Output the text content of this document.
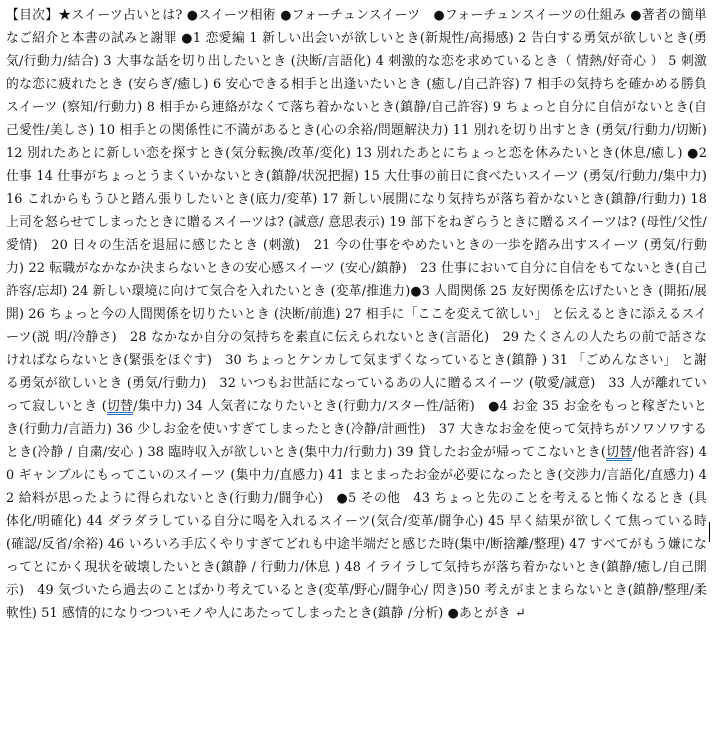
【目次】★スイーツ占いとは? ●スイーツ相術 ●フォーチュンスイーツ　●フォーチュンスイーツの仕組み ●著者の簡単なご紹介と本書の試みと謝罪 ●1 恋愛編 1 新しい出会いが欲しいとき(新規性/高揚感) 2 告白する勇気が欲しいとき(勇気/行動力/結合) 3 大事な話を切り出したいとき (決断/言語化) 4 刺激的な恋を求めているとき（ 情熱/好奇心 ） 5 刺激的な恋に疲れたとき (安らぎ/癒し) 6 安心できる相手と出逢いたいとき (癒し/自己許容) 7 相手の気持ちを確かめる勝負スイーツ (察知/行動力) 8 相手から連絡がなくて落ち着かないとき(鎮静/自己許容) 9 ちょっと自分に自信がないとき(自己愛性/美しさ) 10 相手との関係性に不満があるとき(心の余裕/問題解決力) 11 別れを切り出すとき (勇気/行動力/切断) 12 別れたあとに新しい恋を探すとき(気分転換/改革/変化) 13 別れたあとにちょっと恋を休みたいとき(休息/癒し) ●2 仕事 14 仕事がちょっとうまくいかないとき(鎮静/状況把握) 15 大仕事の前日に食べたいスイーツ (勇気/行動力/集中力) 16 これからもうひと踏ん張りしたいとき(底力/変革) 17 新しい展開になり気持ちが落ち着かないとき(鎮静/行動力) 18 上司を怒らせてしまったときに贈るスイーツは? (誠意/ 意思表示) 19 部下をねぎらうときに贈るスイーツは? (母性/父性/愛情)　20 日々の生活を退屈に感じたとき (刺激)　21 今の仕事をやめたいときの一歩を踏み出すスイーツ (勇気/行動 力) 22 転職がなかなか決まらないときの安心感スイーツ (安心/鎮静)　23 仕事において自分に自信をもてないとき(自己許容/忘却) 24 新しい環境に向けて気合を入れたいとき (変革/推進力)●3 人間関係 25 友好関係を広げたいとき (開拓/展開) 26 ちょっと今の人間関係を切りたいとき (決断/前進) 27 相手に「ここを変えて欲しい」 と伝えるときに添えるスイーツ(説 明/冷静さ)　28 なかなか自分の気持ちを素直に伝えられないとき(言語化)　29 たくさんの人たちの前で話さなければならないとき(緊張をほぐす)　30 ちょっとケンカして気まずくなっているとき(鎮静 ) 31 「ごめんなさい」 と謝る勇気が欲しいとき (勇気/行動力)　32 いつもお世話になっているあの人に贈るスイーツ (敬愛/誠意)　33 人が離れていって寂しいとき (切替/集中力) 34 人気者になりたいとき(行動力/スター性/話術)　●4 お金 35 お金をもっと稼ぎたいとき(行動力/言語力) 36 少しお金を使いすぎてしまったとき(冷静/計画性)　37 大きなお金を使って気持ちがソワソワするとき(冷静 / 自粛/安心 ) 38 臨時収入が欲しいとき(集中力/行動力) 39 貸したお金が帰ってこないとき(切替/他者許容) 40 ギャンブルにもってこいのスイーツ (集中力/直感力) 41 まとまったお金が必要になったとき(交渉力/言語化/直感力) 42 給料が思ったように得られないとき(行動力/闘争心)　●5 その他　43 ちょっと先のことを考えると怖くなるとき (具体化/明確化) 44 ダラダラしている自分に喝を入れるスイーツ(気合/変革/闘争心) 45 早く結果が欲しくて焦っている時(確認/反省/余裕) 46 いろいろ手広くやりすぎてどれも中途半端だと感じた時(集中/断捨離/整理) 47 すべてがもう嫌になってとにかく現状を破壊したいとき(鎮静 / 行動力/休息 ) 48 イライラして気持ちが落ち着かないとき(鎮静/癒し/自己開示)　49 気づいたら過去のことばかり考えているとき(変革/野心/闘争心/ 閃き)50 考えがまとまらないとき(鎮静/整理/柔軟性) 51 感情的になりつついモノや人にあたってしまったとき(鎮静 /分析) ●あとがき ↵
